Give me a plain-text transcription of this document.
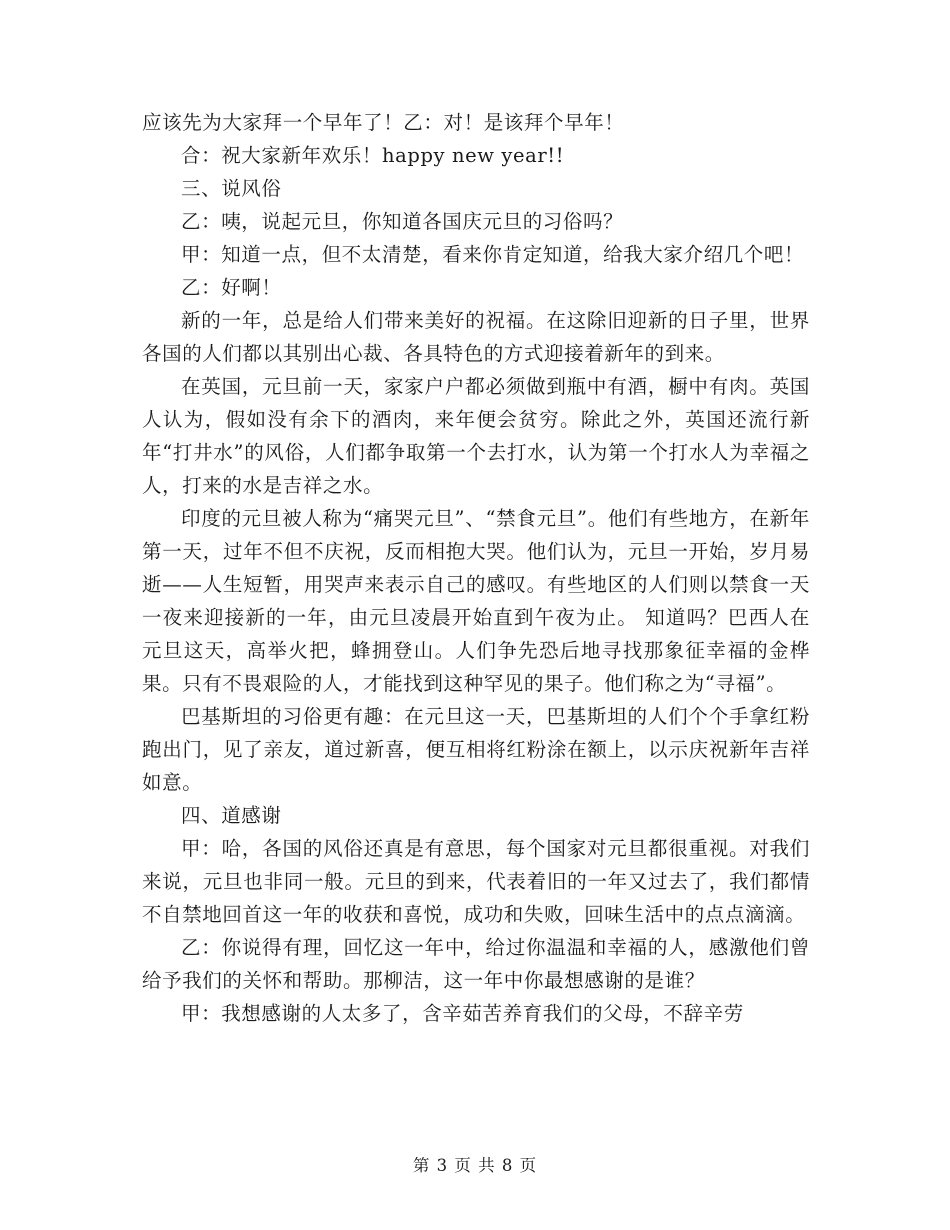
应该先为大家拜一个早年了！乙：对！是该拜个早年！

合：祝大家新年欢乐！happy new year!!

三、说风俗

乙：咦，说起元旦，你知道各国庆元旦的习俗吗？

甲：知道一点，但不太清楚，看来你肯定知道，给我大家介绍几个吧！

乙：好啊！

新的一年，总是给人们带来美好的祝福。在这除旧迎新的日子里，世界各国的人们都以其别出心裁、各具特色的方式迎接着新年的到来。

在英国，元旦前一天，家家户户都必须做到瓶中有酒，橱中有肉。英国人认为，假如没有余下的酒肉，来年便会贫穷。除此之外，英国还流行新年“打井水”的风俗，人们都争取第一个去打水，认为第一个打水人为幸福之人，打来的水是吉祥之水。

印度的元旦被人称为“痛哭元旦”、“禁食元旦”。他们有些地方，在新年第一天，过年不但不庆祝，反而相抱大哭。他们认为，元旦一开始，岁月易逝——人生短暂，用哭声来表示自己的感叹。有些地区的人们则以禁食一天一夜来迎接新的一年，由元旦凌晨开始直到午夜为止。 知道吗？巴西人在元旦这天，高举火把，蜂拥登山。人们争先恐后地寻找那象征幸福的金桦果。只有不畏艰险的人，才能找到这种罕见的果子。他们称之为“寻福”。

巴基斯坦的习俗更有趣：在元旦这一天，巴基斯坦的人们个个手拿红粉跑出门，见了亲友，道过新喜，便互相将红粉涂在额上，以示庆祝新年吉祥如意。

四、道感谢

甲：哈，各国的风俗还真是有意思，每个国家对元旦都很重视。对我们来说，元旦也非同一般。元旦的到来，代表着旧的一年又过去了，我们都情不自禁地回首这一年的收获和喜悦，成功和失败，回味生活中的点点滴滴。

乙：你说得有理，回忆这一年中，给过你温温和幸福的人，感激他们曾给予我们的关怀和帮助。那柳洁，这一年中你最想感谢的是谁？

甲：我想感谢的人太多了，含辛茹苦养育我们的父母，不辞辛劳

第 3 页 共 8 页
